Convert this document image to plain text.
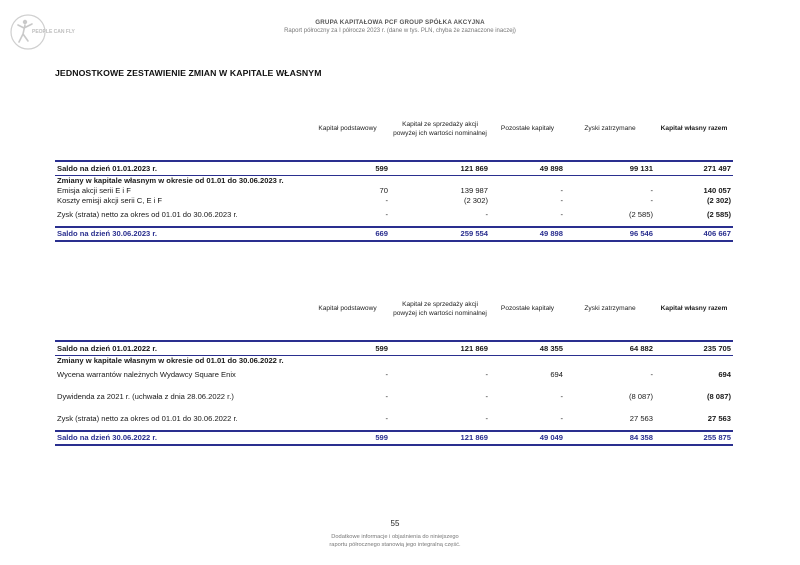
PEOPLE CAN FLY
GRUPA KAPITAŁOWA PCF GROUP SPÓŁKA AKCYJNA
Raport półroczny za I półrocze 2023 r. (dane w tys. PLN, chyba że zaznaczone inaczej)
JEDNOSTKOWE ZESTAWIENIE ZMIAN W KAPITALE WŁASNYM
	Kapitał podstawowy	Kapitał ze sprzedaży akcji powyżej ich wartości nominalnej	Pozostałe kapitały	Zyski zatrzymane	Kapitał własny razem

Saldo na dzień 01.01.2023 r.	599	121 869	49 898	99 131	271 497
Zmiany w kapitale własnym w okresie od 01.01 do 30.06.2023 r.					
Emisja akcji serii E i F	70	139 987	-	-	140 057
Koszty emisji akcji serii C, E i F	-	(2 302)	-	-	(2 302)
Zysk (strata) netto za okres od 01.01 do 30.06.2023 r.	-	-	-	(2 585)	(2 585)

Saldo na dzień 30.06.2023 r.	669	259 554	49 898	96 546	406 667
	Kapitał podstawowy	Kapitał ze sprzedaży akcji powyżej ich wartości nominalnej	Pozostałe kapitały	Zyski zatrzymane	Kapitał własny razem

Saldo na dzień 01.01.2022 r.	599	121 869	48 355	64 882	235 705
Zmiany w kapitale własnym w okresie od 01.01 do 30.06.2022 r.					
Wycena warrantów należnych Wydawcy Square Enix	-	-	694	-	694
Dywidenda za 2021 r. (uchwała z dnia 28.06.2022 r.)	-	-	-	(8 087)	(8 087)
Zysk (strata) netto za okres od 01.01 do 30.06.2022 r.	-	-	-	27 563	27 563

Saldo na dzień 30.06.2022 r.	599	121 869	49 049	84 358	255 875
55
Dodatkowe informacje i objaśnienia do niniejszego
raportu półrocznego stanowią jego integralną część.
